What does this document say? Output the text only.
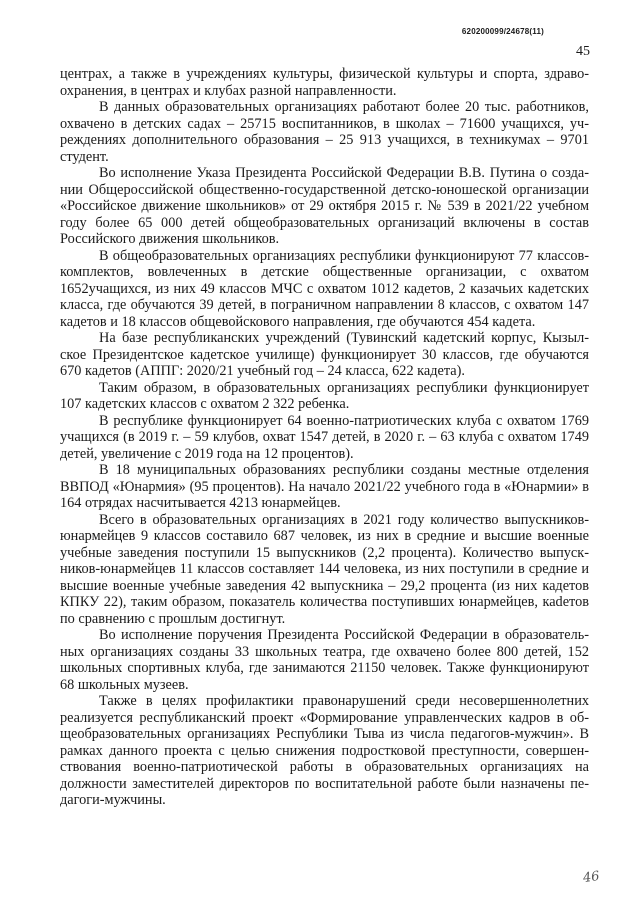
620200099/24678(11)
45

центрах, а также в учреждениях культуры, физической культуры и спорта, здравоохранения, в центрах и клубах разной направленности.

В данных образовательных организациях работают более 20 тыс. работников, охвачено в детских садах – 25715 воспитанников, в школах – 71600 учащихся, учреждениях дополнительного образования – 25 913 учащихся, в техникумах – 9701 студент.

Во исполнение Указа Президента Российской Федерации В.В. Путина о создании Общероссийской общественно-государственной детско-юношеской организации «Российское движение школьников» от 29 октября 2015 г. № 539 в 2021/22 учебном году более 65 000 детей общеобразовательных организаций включены в состав Российского движения школьников.

В общеобразовательных организациях республики функционируют 77 классов-комплектов, вовлеченных в детские общественные организации, с охватом 1652учащихся, из них 49 классов МЧС с охватом 1012 кадетов, 2 казачьих кадетских класса, где обучаются 39 детей, в пограничном направлении 8 классов, с охватом 147 кадетов и 18 классов общевойскового направления, где обучаются 454 кадета.

На базе республиканских учреждений (Тувинский кадетский корпус, Кызылское Президентское кадетское училище) функционирует 30 классов, где обучаются 670 кадетов (АППГ: 2020/21 учебный год – 24 класса, 622 кадета).

Таким образом, в образовательных организациях республики функционирует 107 кадетских классов с охватом 2 322 ребенка.

В республике функционирует 64 военно-патриотических клуба с охватом 1769 учащихся (в 2019 г. – 59 клубов, охват 1547 детей, в 2020 г. – 63 клуба с охватом 1749 детей, увеличение с 2019 года на 12 процентов).

В 18 муниципальных образованиях республики созданы местные отделения ВВПОД «Юнармия» (95 процентов). На начало 2021/22 учебного года в «Юнармии» в 164 отрядах насчитывается 4213 юнармейцев.

Всего в образовательных организациях в 2021 году количество выпускников-юнармейцев 9 классов составило 687 человек, из них в средние и высшие военные учебные заведения поступили 15 выпускников (2,2 процента). Количество выпускников-юнармейцев 11 классов составляет 144 человека, из них поступили в средние и высшие военные учебные заведения 42 выпускника – 29,2 процента (из них кадетов КПКУ 22), таким образом, показатель количества поступивших юнармейцев, каdетов по сравнению с прошлым достигнут.

Во исполнение поручения Президента Российской Федерации в образовательных организациях созданы 33 школьных театра, где охвачено более 800 детей, 152 школьных спортивных клуба, где занимаются 21150 человек. Также функционируют 68 школьных музеев.

Также в целях профилактики правонарушений среди несовершеннолетних реализуется республиканский проект «Формирование управленческих кадров в общеобразовательных организациях Республики Тыва из числа педагогов-мужчин». В рамках данного проекта с целью снижения подростковой преступности, совершенствования военно-патриотической работы в образовательных организациях на должности заместителей директоров по воспитательной работе были назначены педагоги-мужчины.

46
